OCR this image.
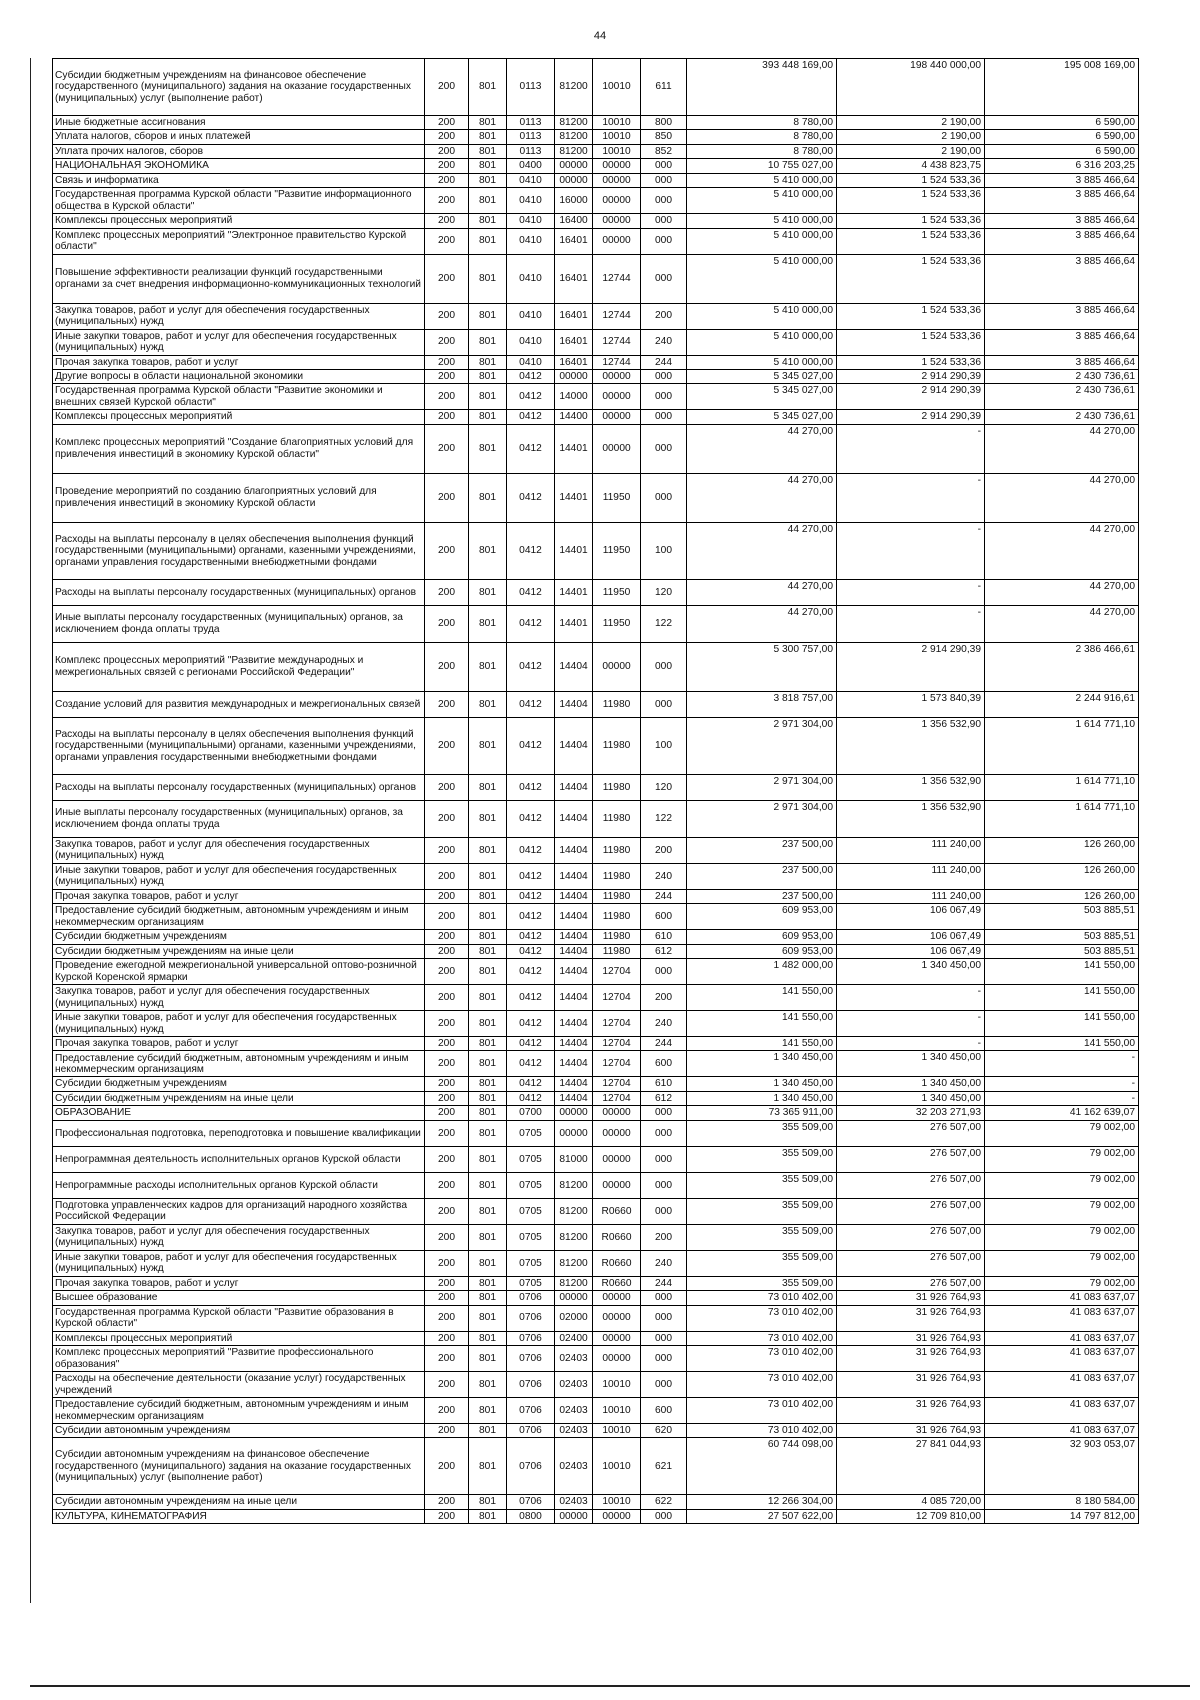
44
Субсидии бюджетным учреждениям на финансовое обеспечение государственного (муниципального) задания на оказание государственных (муниципальных) услуг (выполнение работ)	200	801	0113	81200	10010	611	393 448 169,00	198 440 000,00	195 008 169,00
Иные бюджетные ассигнования	200	801	0113	81200	10010	800	8 780,00	2 190,00	6 590,00
Уплата налогов, сборов и иных платежей	200	801	0113	81200	10010	850	8 780,00	2 190,00	6 590,00
Уплата прочих налогов, сборов	200	801	0113	81200	10010	852	8 780,00	2 190,00	6 590,00
НАЦИОНАЛЬНАЯ ЭКОНОМИКА	200	801	0400	00000	00000	000	10 755 027,00	4 438 823,75	6 316 203,25
Связь и информатика	200	801	0410	00000	00000	000	5 410 000,00	1 524 533,36	3 885 466,64
Государственная программа Курской области "Развитие информационного общества в Курской области"	200	801	0410	16000	00000	000	5 410 000,00	1 524 533,36	3 885 466,64
Комплексы процессных мероприятий	200	801	0410	16400	00000	000	5 410 000,00	1 524 533,36	3 885 466,64
Комплекс процессных мероприятий "Электронное правительство Курской области"	200	801	0410	16401	00000	000	5 410 000,00	1 524 533,36	3 885 466,64
Повышение эффективности реализации функций государственными органами за счет внедрения информационно-коммуникационных технологий	200	801	0410	16401	12744	000	5 410 000,00	1 524 533,36	3 885 466,64
Закупка товаров, работ и услуг для обеспечения государственных (муниципальных) нужд	200	801	0410	16401	12744	200	5 410 000,00	1 524 533,36	3 885 466,64
Иные закупки товаров, работ и услуг для обеспечения государственных (муниципальных) нужд	200	801	0410	16401	12744	240	5 410 000,00	1 524 533,36	3 885 466,64
Прочая закупка товаров, работ и услуг	200	801	0410	16401	12744	244	5 410 000,00	1 524 533,36	3 885 466,64
Другие вопросы в области национальной экономики	200	801	0412	00000	00000	000	5 345 027,00	2 914 290,39	2 430 736,61
Государственная программа Курской области "Развитие экономики и внешних связей Курской области"	200	801	0412	14000	00000	000	5 345 027,00	2 914 290,39	2 430 736,61
Комплексы процессных мероприятий	200	801	0412	14400	00000	000	5 345 027,00	2 914 290,39	2 430 736,61
Комплекс процессных мероприятий "Создание благоприятных условий для привлечения инвестиций в экономику Курской области"	200	801	0412	14401	00000	000	44 270,00	-	44 270,00
Проведение мероприятий по созданию благоприятных условий для привлечения инвестиций в экономику Курской области	200	801	0412	14401	11950	000	44 270,00	-	44 270,00
Расходы на выплаты персоналу в целях обеспечения выполнения функций государственными (муниципальными) органами, казенными учреждениями, органами управления государственными внебюджетными фондами	200	801	0412	14401	11950	100	44 270,00	-	44 270,00
Расходы на выплаты персоналу государственных (муниципальных) органов	200	801	0412	14401	11950	120	44 270,00	-	44 270,00
Иные выплаты персоналу государственных (муниципальных) органов, за исключением фонда оплаты труда	200	801	0412	14401	11950	122	44 270,00	-	44 270,00
Комплекс процессных мероприятий "Развитие международных и межрегиональных связей с регионами Российской Федерации"	200	801	0412	14404	00000	000	5 300 757,00	2 914 290,39	2 386 466,61
Создание условий для развития международных и межрегиональных связей	200	801	0412	14404	11980	000	3 818 757,00	1 573 840,39	2 244 916,61
Расходы на выплаты персоналу в целях обеспечения выполнения функций государственными (муниципальными) органами, казенными учреждениями, органами управления государственными внебюджетными фондами	200	801	0412	14404	11980	100	2 971 304,00	1 356 532,90	1 614 771,10
Расходы на выплаты персоналу государственных (муниципальных) органов	200	801	0412	14404	11980	120	2 971 304,00	1 356 532,90	1 614 771,10
Иные выплаты персоналу государственных (муниципальных) органов, за исключением фонда оплаты труда	200	801	0412	14404	11980	122	2 971 304,00	1 356 532,90	1 614 771,10
Закупка товаров, работ и услуг для обеспечения государственных (муниципальных) нужд	200	801	0412	14404	11980	200	237 500,00	111 240,00	126 260,00
Иные закупки товаров, работ и услуг для обеспечения государственных (муниципальных) нужд	200	801	0412	14404	11980	240	237 500,00	111 240,00	126 260,00
Прочая закупка товаров, работ и услуг	200	801	0412	14404	11980	244	237 500,00	111 240,00	126 260,00
Предоставление субсидий бюджетным, автономным учреждениям и иным некоммерческим организациям	200	801	0412	14404	11980	600	609 953,00	106 067,49	503 885,51
Субсидии бюджетным учреждениям	200	801	0412	14404	11980	610	609 953,00	106 067,49	503 885,51
Субсидии бюджетным учреждениям на иные цели	200	801	0412	14404	11980	612	609 953,00	106 067,49	503 885,51
Проведение ежегодной межрегиональной универсальной оптово-розничной Курской Коренской ярмарки	200	801	0412	14404	12704	000	1 482 000,00	1 340 450,00	141 550,00
Закупка товаров, работ и услуг для обеспечения государственных (муниципальных) нужд	200	801	0412	14404	12704	200	141 550,00	-	141 550,00
Иные закупки товаров, работ и услуг для обеспечения государственных (муниципальных) нужд	200	801	0412	14404	12704	240	141 550,00	-	141 550,00
Прочая закупка товаров, работ и услуг	200	801	0412	14404	12704	244	141 550,00	-	141 550,00
Предоставление субсидий бюджетным, автономным учреждениям и иным некоммерческим организациям	200	801	0412	14404	12704	600	1 340 450,00	1 340 450,00	-
Субсидии бюджетным учреждениям	200	801	0412	14404	12704	610	1 340 450,00	1 340 450,00	-
Субсидии бюджетным учреждениям на иные цели	200	801	0412	14404	12704	612	1 340 450,00	1 340 450,00	-
ОБРАЗОВАНИЕ	200	801	0700	00000	00000	000	73 365 911,00	32 203 271,93	41 162 639,07
Профессиональная подготовка, переподготовка и повышение квалификации	200	801	0705	00000	00000	000	355 509,00	276 507,00	79 002,00
Непрограммная деятельность исполнительных органов Курской области	200	801	0705	81000	00000	000	355 509,00	276 507,00	79 002,00
Непрограммные расходы исполнительных органов Курской области	200	801	0705	81200	00000	000	355 509,00	276 507,00	79 002,00
Подготовка управленческих кадров для организаций народного хозяйства Российской Федерации	200	801	0705	81200	R0660	000	355 509,00	276 507,00	79 002,00
Закупка товаров, работ и услуг для обеспечения государственных (муниципальных) нужд	200	801	0705	81200	R0660	200	355 509,00	276 507,00	79 002,00
Иные закупки товаров, работ и услуг для обеспечения государственных (муниципальных) нужд	200	801	0705	81200	R0660	240	355 509,00	276 507,00	79 002,00
Прочая закупка товаров, работ и услуг	200	801	0705	81200	R0660	244	355 509,00	276 507,00	79 002,00
Высшее образование	200	801	0706	00000	00000	000	73 010 402,00	31 926 764,93	41 083 637,07
Государственная программа Курской области "Развитие образования в Курской области"	200	801	0706	02000	00000	000	73 010 402,00	31 926 764,93	41 083 637,07
Комплексы процессных мероприятий	200	801	0706	02400	00000	000	73 010 402,00	31 926 764,93	41 083 637,07
Комплекс процессных мероприятий "Развитие профессионального образования"	200	801	0706	02403	00000	000	73 010 402,00	31 926 764,93	41 083 637,07
Расходы на обеспечение деятельности (оказание услуг) государственных учреждений	200	801	0706	02403	10010	000	73 010 402,00	31 926 764,93	41 083 637,07
Предоставление субсидий бюджетным, автономным учреждениям и иным некоммерческим организациям	200	801	0706	02403	10010	600	73 010 402,00	31 926 764,93	41 083 637,07
Субсидии автономным учреждениям	200	801	0706	02403	10010	620	73 010 402,00	31 926 764,93	41 083 637,07
Субсидии автономным учреждениям на финансовое обеспечение государственного (муниципального) задания на оказание государственных (муниципальных) услуг (выполнение работ)	200	801	0706	02403	10010	621	60 744 098,00	27 841 044,93	32 903 053,07
Субсидии автономным учреждениям на иные цели	200	801	0706	02403	10010	622	12 266 304,00	4 085 720,00	8 180 584,00
КУЛЬТУРА, КИНЕМАТОГРАФИЯ	200	801	0800	00000	00000	000	27 507 622,00	12 709 810,00	14 797 812,00
